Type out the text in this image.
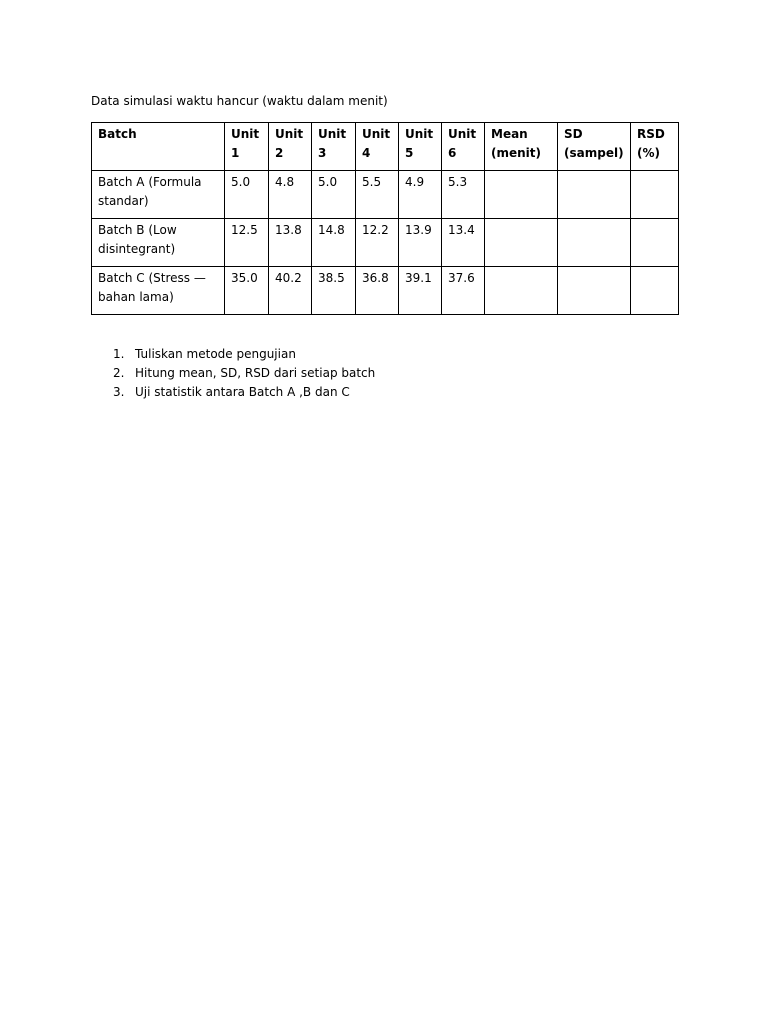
Data simulasi waktu hancur (waktu dalam menit)
Batch	Unit 1	Unit 2	Unit 3	Unit 4	Unit 5	Unit 6	Mean (menit)	SD (sampel)	RSD (%)
Batch A (Formula standar)	5.0	4.8	5.0	5.5	4.9	5.3			
Batch B (Low disintegrant)	12.5	13.8	14.8	12.2	13.9	13.4			
Batch C (Stress — bahan lama)	35.0	40.2	38.5	36.8	39.1	37.6			
1. Tuliskan metode pengujian
2. Hitung mean, SD, RSD dari setiap batch
3. Uji statistik antara Batch A ,B dan C
